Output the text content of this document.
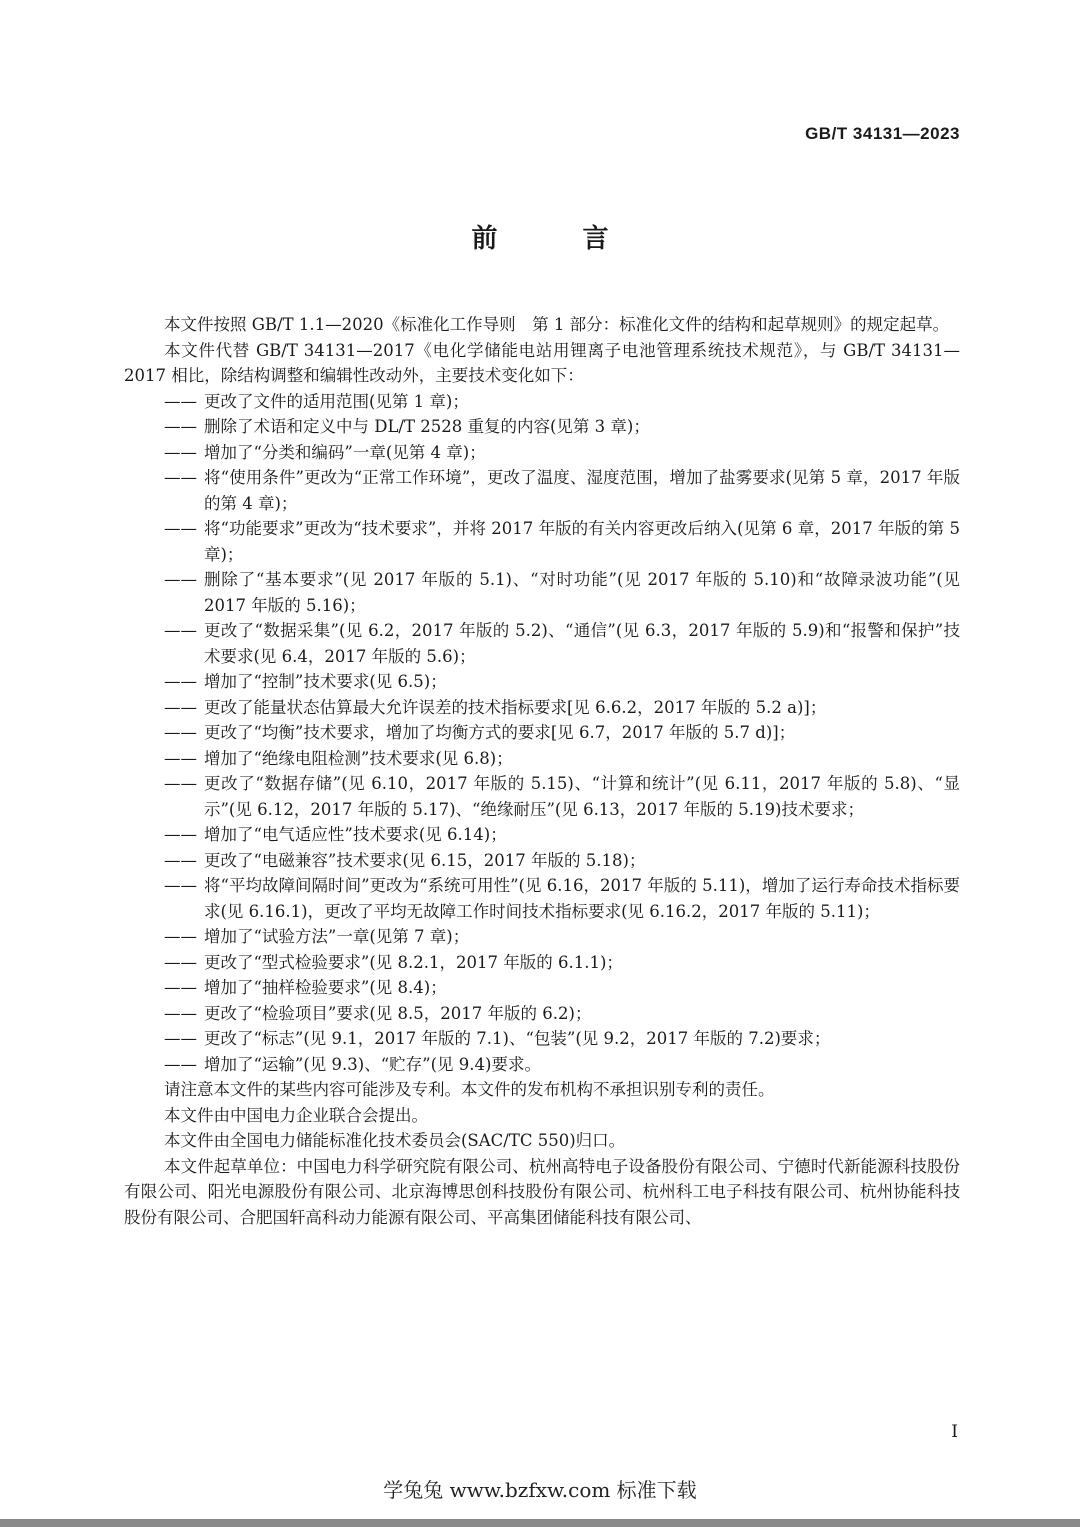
GB/T 34131—2023
前 言

本文件按照 GB/T 1.1—2020《标准化工作导则　第 1 部分：标准化文件的结构和起草规则》的规定起草。

本文件代替 GB/T 34131—2017《电化学储能电站用锂离子电池管理系统技术规范》，与 GB/T 34131—2017 相比，除结构调整和编辑性改动外，主要技术变化如下：

—— 更改了文件的适用范围(见第 1 章)；
—— 删除了术语和定义中与 DL/T 2528 重复的内容(见第 3 章)；
—— 增加了“分类和编码”一章(见第 4 章)；
—— 将“使用条件”更改为“正常工作环境”，更改了温度、湿度范围，增加了盐雾要求(见第 5 章，2017 年版的第 4 章)；
—— 将“功能要求”更改为“技术要求”，并将 2017 年版的有关内容更改后纳入(见第 6 章，2017 年版的第 5 章)；
—— 删除了“基本要求”(见 2017 年版的 5.1)、“对时功能”(见 2017 年版的 5.10)和“故障录波功能”(见 2017 年版的 5.16)；
—— 更改了“数据采集”(见 6.2，2017 年版的 5.2)、“通信”(见 6.3，2017 年版的 5.9)和“报警和保护”技术要求(见 6.4，2017 年版的 5.6)；
—— 增加了“控制”技术要求(见 6.5)；
—— 更改了能量状态估算最大允许误差的技术指标要求[见 6.6.2，2017 年版的 5.2 a)]；
—— 更改了“均衡”技术要求，增加了均衡方式的要求[见 6.7，2017 年版的 5.7 d)]；
—— 增加了“绝缘电阻检测”技术要求(见 6.8)；
—— 更改了“数据存储”(见 6.10，2017 年版的 5.15)、“计算和统计”(见 6.11，2017 年版的 5.8)、“显示”(见 6.12，2017 年版的 5.17)、“绝缘耐压”(见 6.13，2017 年版的 5.19)技术要求；
—— 增加了“电气适应性”技术要求(见 6.14)；
—— 更改了“电磁兼容”技术要求(见 6.15，2017 年版的 5.18)；
—— 将“平均故障间隔时间”更改为“系统可用性”(见 6.16，2017 年版的 5.11)，增加了运行寿命技术指标要求(见 6.16.1)，更改了平均无故障工作时间技术指标要求(见 6.16.2，2017 年版的 5.11)；
—— 增加了“试验方法”一章(见第 7 章)；
—— 更改了“型式检验要求”(见 8.2.1，2017 年版的 6.1.1)；
—— 增加了“抽样检验要求”(见 8.4)；
—— 更改了“检验项目”要求(见 8.5，2017 年版的 6.2)；
—— 更改了“标志”(见 9.1，2017 年版的 7.1)、“包装”(见 9.2，2017 年版的 7.2)要求；
—— 增加了“运输”(见 9.3)、“贮存”(见 9.4)要求。

请注意本文件的某些内容可能涉及专利。本文件的发布机构不承担识别专利的责任。

本文件由中国电力企业联合会提出。

本文件由全国电力储能标准化技术委员会(SAC/TC 550)归口。

本文件起草单位：中国电力科学研究院有限公司、杭州高特电子设备股份有限公司、宁德时代新能源科技股份有限公司、阳光电源股份有限公司、北京海博思创科技股份有限公司、杭州科工电子科技有限公司、杭州协能科技股份有限公司、合肥国轩高科动力能源有限公司、平高集团储能科技有限公司、

I
学兔兔 www.bzfxw.com 标准下载
